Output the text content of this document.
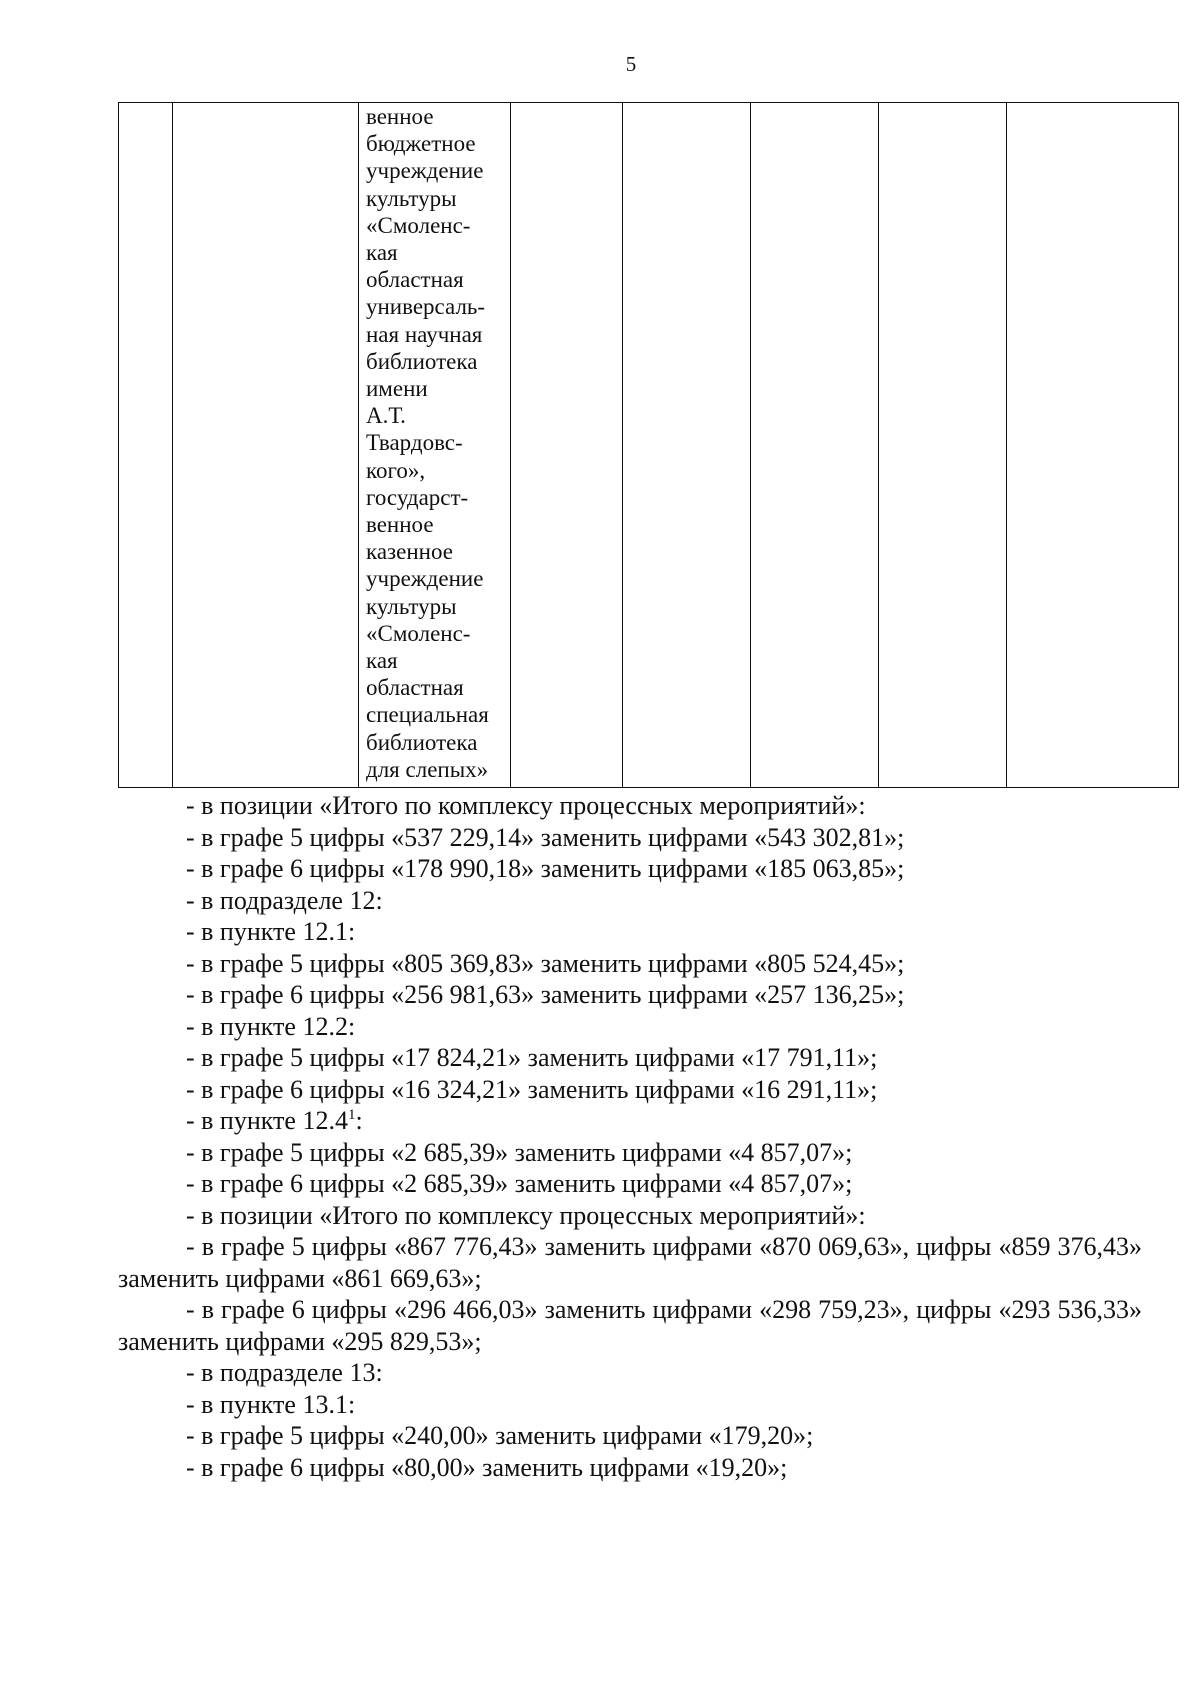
5

венное
бюджетное
учреждение
культуры
«Смоленс-
кая
областная
универсаль-
ная научная
библиотека
имени
А.Т.
Твардовс-
кого»,
государст-
венное
казенное
учреждение
культуры
«Смоленс-
кая
областная
специальная
библиотека
для слепых»

- в позиции «Итого по комплексу процессных мероприятий»:

- в графе 5 цифры «537 229,14» заменить цифрами «543 302,81»;

- в графе 6 цифры «178 990,18» заменить цифрами «185 063,85»;

- в подразделе 12:

- в пункте 12.1:

- в графе 5 цифры «805 369,83» заменить цифрами «805 524,45»;

- в графе 6 цифры «256 981,63» заменить цифрами «257 136,25»;

- в пункте 12.2:

- в графе 5 цифры «17 824,21» заменить цифрами «17 791,11»;

- в графе 6 цифры «16 324,21» заменить цифрами «16 291,11»;

- в пункте 12.4$^1$:

- в графе 5 цифры «2 685,39» заменить цифрами «4 857,07»;

- в графе 6 цифры «2 685,39» заменить цифрами «4 857,07»;

- в позиции «Итого по комплексу процессных мероприятий»:

- в графе 5 цифры «867 776,43» заменить цифрами «870 069,63», цифры «859 376,43» заменить цифрами «861 669,63»;

- в графе 6 цифры «296 466,03» заменить цифрами «298 759,23», цифры «293 536,33» заменить цифрами «295 829,53»;

- в подразделе 13:

- в пункте 13.1:

- в графе 5 цифры «240,00» заменить цифрами «179,20»;

- в графе 6 цифры «80,00» заменить цифрами «19,20»;
